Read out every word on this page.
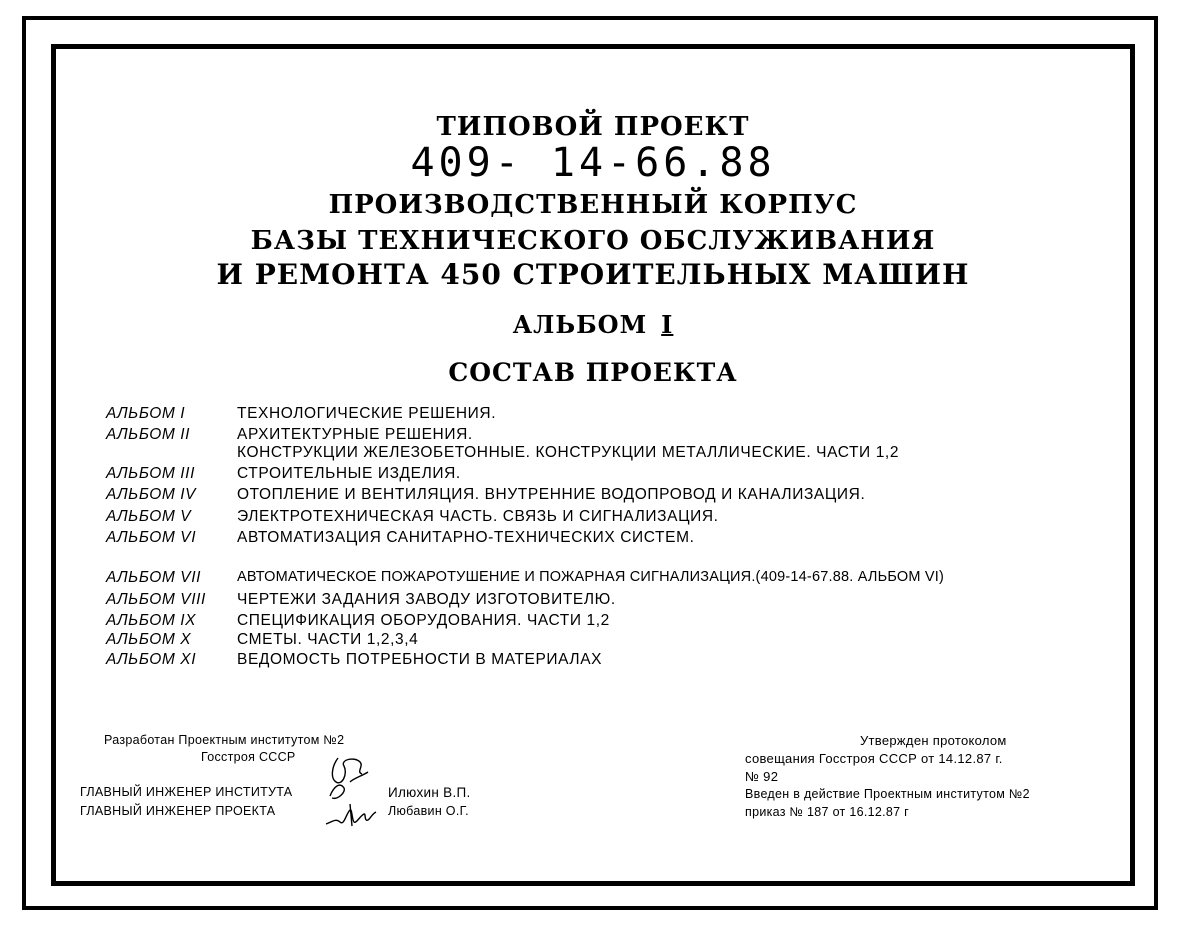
ТИПОВОЙ ПРОЕКТ
409- 14-66.88
ПРОИЗВОДСТВЕННЫЙ КОРПУС
БАЗЫ ТЕХНИЧЕСКОГО ОБСЛУЖИВАНИЯ
И РЕМОНТА 450 СТРОИТЕЛЬНЫХ МАШИН
АЛЬБОМ I
СОСТАВ ПРОЕКТА
АЛЬБОМ I	ТЕХНОЛОГИЧЕСКИЕ РЕШЕНИЯ.
АЛЬБОМ II	АРХИТЕКТУРНЫЕ РЕШЕНИЯ.
КОНСТРУКЦИИ ЖЕЛЕЗОБЕТОННЫЕ. КОНСТРУКЦИИ МЕТАЛЛИЧЕСКИЕ. ЧАСТИ 1,2
АЛЬБОМ III	СТРОИТЕЛЬНЫЕ ИЗДЕЛИЯ.
АЛЬБОМ IV	ОТОПЛЕНИЕ И ВЕНТИЛЯЦИЯ. ВНУТРЕННИЕ ВОДОПРОВОД И КАНАЛИЗАЦИЯ.
АЛЬБОМ V	ЭЛЕКТРОТЕХНИЧЕСКАЯ ЧАСТЬ. СВЯЗЬ И СИГНАЛИЗАЦИЯ.
АЛЬБОМ VI	АВТОМАТИЗАЦИЯ САНИТАРНО-ТЕХНИЧЕСКИХ СИСТЕМ.
АЛЬБОМ VII АВТОМАТИЧЕСКОЕ ПОЖАРОТУШЕНИЕ И ПОЖАРНАЯ СИГНАЛИЗАЦИЯ.(409-14-67.88. АЛЬБОМ VI)
АЛЬБОМ VIII ЧЕРТЕЖИ ЗАДАНИЯ ЗАВОДУ ИЗГОТОВИТЕЛЮ.
АЛЬБОМ IX	СПЕЦИФИКАЦИЯ ОБОРУДОВАНИЯ. ЧАСТИ 1,2
АЛЬБОМ X	СМЕТЫ. ЧАСТИ 1,2,3,4
АЛЬБОМ XI	ВЕДОМОСТЬ ПОТРЕБНОСТИ В МАТЕРИАЛАХ
Разработан Проектным институтом №2
Госстроя СССР
ГЛАВНЫЙ ИНЖЕНЕР ИНСТИТУТА	Илюхин В.П.
ГЛАВНЫЙ ИНЖЕНЕР ПРОЕКТА	Любавин О.Г.
Утвержден протоколом
совещания Госстроя СССР от 14.12.87 г.
№ 92
Введен в действие Проектным институтом №2
приказ № 187 от 16.12.87 г
